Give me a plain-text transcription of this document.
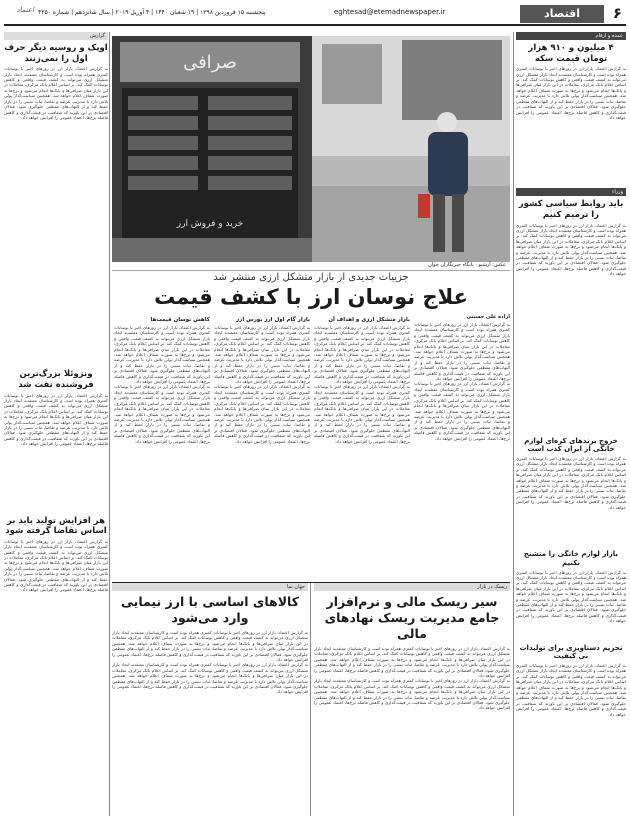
۶
اقتصاد
eghtesad@etemadnewspaper.ir
پنجشنبه ۱۵ فروردین ۱۳۹۸ | ۱۹ شعبان ۱۴۴۰ | ۴ آوریل ۲۰۱۹ | سال شانزدهم | شماره ۴۳۵۰
اعتماد
عمده و ارقام
۴ میلیون و ۹۱۰ هزار تومان قیمت سکه
به گزارش اعتماد، بازار ارز در روزهای اخیر با نوسانات کمتری همراه بوده است و کارشناسان معتقدند ایجاد بازار متشکل ارزی می‌تواند به کشف قیمت واقعی و کاهش نوسانات کمک کند. بر اساس اعلام بانک مرکزی، معاملات در این بازار میان صرافی‌ها و بانک‌ها انجام می‌شود و نرخ‌ها به صورت شفاف اعلام خواهد شد. همچنین سیاست‌گذار پولی تلاش دارد با مدیریت عرضه و تقاضا، ثبات نسبی را در بازار حفظ کند و از التهاب‌های مقطعی جلوگیری شود. فعالان اقتصادی بر این باورند که شفافیت در قیمت‌گذاری و کاهش فاصله نرخ‌ها، اعتماد عمومی را افزایش خواهد داد.
وزراء
باید روابط سیاسی کشور را ترمیم کنیم
به گزارش اعتماد، بازار ارز در روزهای اخیر با نوسانات کمتری همراه بوده است و کارشناسان معتقدند ایجاد بازار متشکل ارزی می‌تواند به کشف قیمت واقعی و کاهش نوسانات کمک کند. بر اساس اعلام بانک مرکزی، معاملات در این بازار میان صرافی‌ها و بانک‌ها انجام می‌شود و نرخ‌ها به صورت شفاف اعلام خواهد شد. همچنین سیاست‌گذار پولی تلاش دارد با مدیریت عرضه و تقاضا، ثبات نسبی را در بازار حفظ کند و از التهاب‌های مقطعی جلوگیری شود. فعالان اقتصادی بر این باورند که شفافیت در قیمت‌گذاری و کاهش فاصله نرخ‌ها، اعتماد عمومی را افزایش خواهد داد.
خروج برندهای کره‌ای لوازم خانگی از ایران کذب است
به گزارش اعتماد، بازار ارز در روزهای اخیر با نوسانات کمتری همراه بوده است و کارشناسان معتقدند ایجاد بازار متشکل ارزی می‌تواند به کشف قیمت واقعی و کاهش نوسانات کمک کند. بر اساس اعلام بانک مرکزی، معاملات در این بازار میان صرافی‌ها و بانک‌ها انجام می‌شود و نرخ‌ها به صورت شفاف اعلام خواهد شد. همچنین سیاست‌گذار پولی تلاش دارد با مدیریت عرضه و تقاضا، ثبات نسبی را در بازار حفظ کند و از التهاب‌های مقطعی جلوگیری شود. فعالان اقتصادی بر این باورند که شفافیت در قیمت‌گذاری و کاهش فاصله نرخ‌ها، اعتماد عمومی را افزایش خواهد داد.
بازار لوازم خانگی را متشنج نکنیم
به گزارش اعتماد، بازار ارز در روزهای اخیر با نوسانات کمتری همراه بوده است و کارشناسان معتقدند ایجاد بازار متشکل ارزی می‌تواند به کشف قیمت واقعی و کاهش نوسانات کمک کند. بر اساس اعلام بانک مرکزی، معاملات در این بازار میان صرافی‌ها و بانک‌ها انجام می‌شود و نرخ‌ها به صورت شفاف اعلام خواهد شد. همچنین سیاست‌گذار پولی تلاش دارد با مدیریت عرضه و تقاضا، ثبات نسبی را در بازار حفظ کند و از التهاب‌های مقطعی جلوگیری شود. فعالان اقتصادی بر این باورند که شفافیت در قیمت‌گذاری و کاهش فاصله نرخ‌ها، اعتماد عمومی را افزایش خواهد داد.
تحریم دستاویزی برای تولیدات بی کیفیت
به گزارش اعتماد، بازار ارز در روزهای اخیر با نوسانات کمتری همراه بوده است و کارشناسان معتقدند ایجاد بازار متشکل ارزی می‌تواند به کشف قیمت واقعی و کاهش نوسانات کمک کند. بر اساس اعلام بانک مرکزی، معاملات در این بازار میان صرافی‌ها و بانک‌ها انجام می‌شود و نرخ‌ها به صورت شفاف اعلام خواهد شد. همچنین سیاست‌گذار پولی تلاش دارد با مدیریت عرضه و تقاضا، ثبات نسبی را در بازار حفظ کند و از التهاب‌های مقطعی جلوگیری شود. فعالان اقتصادی بر این باورند که شفافیت در قیمت‌گذاری و کاهش فاصله نرخ‌ها، اعتماد عمومی را افزایش خواهد داد.
گزارش
اوپک و روسیه دیگر حرف اول را نمی‌زنند
به گزارش اعتماد، بازار ارز در روزهای اخیر با نوسانات کمتری همراه بوده است و کارشناسان معتقدند ایجاد بازار متشکل ارزی می‌تواند به کشف قیمت واقعی و کاهش نوسانات کمک کند. بر اساس اعلام بانک مرکزی، معاملات در این بازار میان صرافی‌ها و بانک‌ها انجام می‌شود و نرخ‌ها به صورت شفاف اعلام خواهد شد. همچنین سیاست‌گذار پولی تلاش دارد با مدیریت عرضه و تقاضا، ثبات نسبی را در بازار حفظ کند و از التهاب‌های مقطعی جلوگیری شود. فعالان اقتصادی بر این باورند که شفافیت در قیمت‌گذاری و کاهش فاصله نرخ‌ها، اعتماد عمومی را افزایش خواهد داد.
ونزوئلا بزرگ‌ترین فروشنده نفت شد
به گزارش اعتماد، بازار ارز در روزهای اخیر با نوسانات کمتری همراه بوده است و کارشناسان معتقدند ایجاد بازار متشکل ارزی می‌تواند به کشف قیمت واقعی و کاهش نوسانات کمک کند. بر اساس اعلام بانک مرکزی، معاملات در این بازار میان صرافی‌ها و بانک‌ها انجام می‌شود و نرخ‌ها به صورت شفاف اعلام خواهد شد. همچنین سیاست‌گذار پولی تلاش دارد با مدیریت عرضه و تقاضا، ثبات نسبی را در بازار حفظ کند و از التهاب‌های مقطعی جلوگیری شود. فعالان اقتصادی بر این باورند که شفافیت در قیمت‌گذاری و کاهش فاصله نرخ‌ها، اعتماد عمومی را افزایش خواهد داد.
هر افزایش تولید باید بر اساس تقاضا گرفته شود
به گزارش اعتماد، بازار ارز در روزهای اخیر با نوسانات کمتری همراه بوده است و کارشناسان معتقدند ایجاد بازار متشکل ارزی می‌تواند به کشف قیمت واقعی و کاهش نوسانات کمک کند. بر اساس اعلام بانک مرکزی، معاملات در این بازار میان صرافی‌ها و بانک‌ها انجام می‌شود و نرخ‌ها به صورت شفاف اعلام خواهد شد. همچنین سیاست‌گذار پولی تلاش دارد با مدیریت عرضه و تقاضا، ثبات نسبی را در بازار حفظ کند و از التهاب‌های مقطعی جلوگیری شود. فعالان اقتصادی بر این باورند که شفافیت در قیمت‌گذاری و کاهش فاصله نرخ‌ها، اعتماد عمومی را افزایش خواهد داد.
صرافی
خرید و فروش ارز
عکس: آرشیو · پایگاه خبرنگاران جوان
جزییات جدیدی از بازار متشکل ارزی منتشر شد
علاج نوسان ارز با کشف قیمت
آزاده علی حسینی
به گزارش اعتماد، بازار ارز در روزهای اخیر با نوسانات کمتری همراه بوده است و کارشناسان معتقدند ایجاد بازار متشکل ارزی می‌تواند به کشف قیمت واقعی و کاهش نوسانات کمک کند. بر اساس اعلام بانک مرکزی، معاملات در این بازار میان صرافی‌ها و بانک‌ها انجام می‌شود و نرخ‌ها به صورت شفاف اعلام خواهد شد. همچنین سیاست‌گذار پولی تلاش دارد با مدیریت عرضه و تقاضا، ثبات نسبی را در بازار حفظ کند و از التهاب‌های مقطعی جلوگیری شود. فعالان اقتصادی بر این باورند که شفافیت در قیمت‌گذاری و کاهش فاصله نرخ‌ها، اعتماد عمومی را افزایش خواهد داد.
به گزارش اعتماد، بازار ارز در روزهای اخیر با نوسانات کمتری همراه بوده است و کارشناسان معتقدند ایجاد بازار متشکل ارزی می‌تواند به کشف قیمت واقعی و کاهش نوسانات کمک کند. بر اساس اعلام بانک مرکزی، معاملات در این بازار میان صرافی‌ها و بانک‌ها انجام می‌شود و نرخ‌ها به صورت شفاف اعلام خواهد شد. همچنین سیاست‌گذار پولی تلاش دارد با مدیریت عرضه و تقاضا، ثبات نسبی را در بازار حفظ کند و از التهاب‌های مقطعی جلوگیری شود. فعالان اقتصادی بر این باورند که شفافیت در قیمت‌گذاری و کاهش فاصله نرخ‌ها، اعتماد عمومی را افزایش خواهد داد.
بازار متشکل ارزی و اهداف آن
به گزارش اعتماد، بازار ارز در روزهای اخیر با نوسانات کمتری همراه بوده است و کارشناسان معتقدند ایجاد بازار متشکل ارزی می‌تواند به کشف قیمت واقعی و کاهش نوسانات کمک کند. بر اساس اعلام بانک مرکزی، معاملات در این بازار میان صرافی‌ها و بانک‌ها انجام می‌شود و نرخ‌ها به صورت شفاف اعلام خواهد شد. همچنین سیاست‌گذار پولی تلاش دارد با مدیریت عرضه و تقاضا، ثبات نسبی را در بازار حفظ کند و از التهاب‌های مقطعی جلوگیری شود. فعالان اقتصادی بر این باورند که شفافیت در قیمت‌گذاری و کاهش فاصله نرخ‌ها، اعتماد عمومی را افزایش خواهد داد.
به گزارش اعتماد، بازار ارز در روزهای اخیر با نوسانات کمتری همراه بوده است و کارشناسان معتقدند ایجاد بازار متشکل ارزی می‌تواند به کشف قیمت واقعی و کاهش نوسانات کمک کند. بر اساس اعلام بانک مرکزی، معاملات در این بازار میان صرافی‌ها و بانک‌ها انجام می‌شود و نرخ‌ها به صورت شفاف اعلام خواهد شد. همچنین سیاست‌گذار پولی تلاش دارد با مدیریت عرضه و تقاضا، ثبات نسبی را در بازار حفظ کند و از التهاب‌های مقطعی جلوگیری شود. فعالان اقتصادی بر این باورند که شفافیت در قیمت‌گذاری و کاهش فاصله نرخ‌ها، اعتماد عمومی را افزایش خواهد داد.
بازار گام اول ارز بورس ارز
به گزارش اعتماد، بازار ارز در روزهای اخیر با نوسانات کمتری همراه بوده است و کارشناسان معتقدند ایجاد بازار متشکل ارزی می‌تواند به کشف قیمت واقعی و کاهش نوسانات کمک کند. بر اساس اعلام بانک مرکزی، معاملات در این بازار میان صرافی‌ها و بانک‌ها انجام می‌شود و نرخ‌ها به صورت شفاف اعلام خواهد شد. همچنین سیاست‌گذار پولی تلاش دارد با مدیریت عرضه و تقاضا، ثبات نسبی را در بازار حفظ کند و از التهاب‌های مقطعی جلوگیری شود. فعالان اقتصادی بر این باورند که شفافیت در قیمت‌گذاری و کاهش فاصله نرخ‌ها، اعتماد عمومی را افزایش خواهد داد.
به گزارش اعتماد، بازار ارز در روزهای اخیر با نوسانات کمتری همراه بوده است و کارشناسان معتقدند ایجاد بازار متشکل ارزی می‌تواند به کشف قیمت واقعی و کاهش نوسانات کمک کند. بر اساس اعلام بانک مرکزی، معاملات در این بازار میان صرافی‌ها و بانک‌ها انجام می‌شود و نرخ‌ها به صورت شفاف اعلام خواهد شد. همچنین سیاست‌گذار پولی تلاش دارد با مدیریت عرضه و تقاضا، ثبات نسبی را در بازار حفظ کند و از التهاب‌های مقطعی جلوگیری شود. فعالان اقتصادی بر این باورند که شفافیت در قیمت‌گذاری و کاهش فاصله نرخ‌ها، اعتماد عمومی را افزایش خواهد داد.
کاهش نوسان قیمت‌ها
به گزارش اعتماد، بازار ارز در روزهای اخیر با نوسانات کمتری همراه بوده است و کارشناسان معتقدند ایجاد بازار متشکل ارزی می‌تواند به کشف قیمت واقعی و کاهش نوسانات کمک کند. بر اساس اعلام بانک مرکزی، معاملات در این بازار میان صرافی‌ها و بانک‌ها انجام می‌شود و نرخ‌ها به صورت شفاف اعلام خواهد شد. همچنین سیاست‌گذار پولی تلاش دارد با مدیریت عرضه و تقاضا، ثبات نسبی را در بازار حفظ کند و از التهاب‌های مقطعی جلوگیری شود. فعالان اقتصادی بر این باورند که شفافیت در قیمت‌گذاری و کاهش فاصله نرخ‌ها، اعتماد عمومی را افزایش خواهد داد.
به گزارش اعتماد، بازار ارز در روزهای اخیر با نوسانات کمتری همراه بوده است و کارشناسان معتقدند ایجاد بازار متشکل ارزی می‌تواند به کشف قیمت واقعی و کاهش نوسانات کمک کند. بر اساس اعلام بانک مرکزی، معاملات در این بازار میان صرافی‌ها و بانک‌ها انجام می‌شود و نرخ‌ها به صورت شفاف اعلام خواهد شد. همچنین سیاست‌گذار پولی تلاش دارد با مدیریت عرضه و تقاضا، ثبات نسبی را در بازار حفظ کند و از التهاب‌های مقطعی جلوگیری شود. فعالان اقتصادی بر این باورند که شفافیت در قیمت‌گذاری و کاهش فاصله نرخ‌ها، اعتماد عمومی را افزایش خواهد داد.
ریسک در بازار
سیر ریسک مالی و نرم‌افزار جامع مدیریت ریسک نهادهای مالی
به گزارش اعتماد، بازار ارز در روزهای اخیر با نوسانات کمتری همراه بوده است و کارشناسان معتقدند ایجاد بازار متشکل ارزی می‌تواند به کشف قیمت واقعی و کاهش نوسانات کمک کند. بر اساس اعلام بانک مرکزی، معاملات در این بازار میان صرافی‌ها و بانک‌ها انجام می‌شود و نرخ‌ها به صورت شفاف اعلام خواهد شد. همچنین سیاست‌گذار پولی تلاش دارد با مدیریت عرضه و تقاضا، ثبات نسبی را در بازار حفظ کند و از التهاب‌های مقطعی جلوگیری شود. فعالان اقتصادی بر این باورند که شفافیت در قیمت‌گذاری و کاهش فاصله نرخ‌ها، اعتماد عمومی را افزایش خواهد داد.
به گزارش اعتماد، بازار ارز در روزهای اخیر با نوسانات کمتری همراه بوده است و کارشناسان معتقدند ایجاد بازار متشکل ارزی می‌تواند به کشف قیمت واقعی و کاهش نوسانات کمک کند. بر اساس اعلام بانک مرکزی، معاملات در این بازار میان صرافی‌ها و بانک‌ها انجام می‌شود و نرخ‌ها به صورت شفاف اعلام خواهد شد. همچنین سیاست‌گذار پولی تلاش دارد با مدیریت عرضه و تقاضا، ثبات نسبی را در بازار حفظ کند و از التهاب‌های مقطعی جلوگیری شود. فعالان اقتصادی بر این باورند که شفافیت در قیمت‌گذاری و کاهش فاصله نرخ‌ها، اعتماد عمومی را افزایش خواهد داد.
جهان نما
کالاهای اساسی با ارز نیمایی وارد می‌شود
به گزارش اعتماد، بازار ارز در روزهای اخیر با نوسانات کمتری همراه بوده است و کارشناسان معتقدند ایجاد بازار متشکل ارزی می‌تواند به کشف قیمت واقعی و کاهش نوسانات کمک کند. بر اساس اعلام بانک مرکزی، معاملات در این بازار میان صرافی‌ها و بانک‌ها انجام می‌شود و نرخ‌ها به صورت شفاف اعلام خواهد شد. همچنین سیاست‌گذار پولی تلاش دارد با مدیریت عرضه و تقاضا، ثبات نسبی را در بازار حفظ کند و از التهاب‌های مقطعی جلوگیری شود. فعالان اقتصادی بر این باورند که شفافیت در قیمت‌گذاری و کاهش فاصله نرخ‌ها، اعتماد عمومی را افزایش خواهد داد.
به گزارش اعتماد، بازار ارز در روزهای اخیر با نوسانات کمتری همراه بوده است و کارشناسان معتقدند ایجاد بازار متشکل ارزی می‌تواند به کشف قیمت واقعی و کاهش نوسانات کمک کند. بر اساس اعلام بانک مرکزی، معاملات در این بازار میان صرافی‌ها و بانک‌ها انجام می‌شود و نرخ‌ها به صورت شفاف اعلام خواهد شد. همچنین سیاست‌گذار پولی تلاش دارد با مدیریت عرضه و تقاضا، ثبات نسبی را در بازار حفظ کند و از التهاب‌های مقطعی جلوگیری شود. فعالان اقتصادی بر این باورند که شفافیت در قیمت‌گذاری و کاهش فاصله نرخ‌ها، اعتماد عمومی را افزایش خواهد داد.
